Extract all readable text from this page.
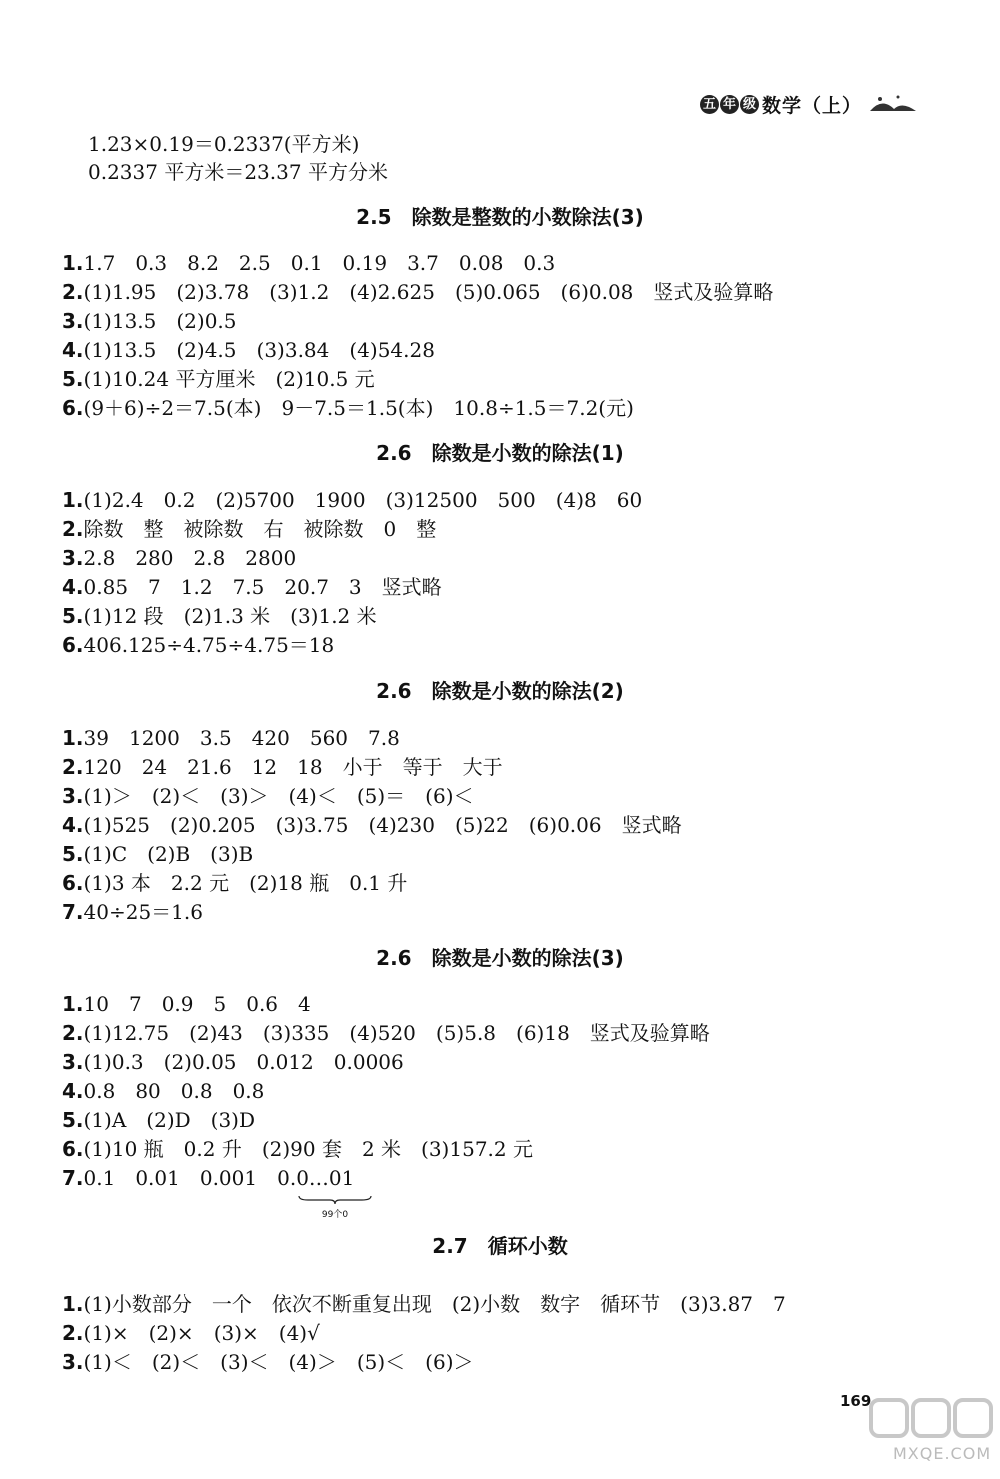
五 年 级 数学（上）
1.23×0.19＝0.2337(平方米)
0.2337 平方米＝23.37 平方分米
2.5　除数是整数的小数除法(3)
1.1.7　0.3　8.2　2.5　0.1　0.19　3.7　0.08　0.3
2.(1)1.95　(2)3.78　(3)1.2　(4)2.625　(5)0.065　(6)0.08　竖式及验算略
3.(1)13.5　(2)0.5
4.(1)13.5　(2)4.5　(3)3.84　(4)54.28
5.(1)10.24 平方厘米　(2)10.5 元
6.(9＋6)÷2＝7.5(本)　9－7.5＝1.5(本)　10.8÷1.5＝7.2(元)
2.6　除数是小数的除法(1)
1.(1)2.4　0.2　(2)5700　1900　(3)12500　500　(4)8　60
2.除数　整　被除数　右　被除数　0　整
3.2.8　280　2.8　2800
4.0.85　7　1.2　7.5　20.7　3　竖式略
5.(1)12 段　(2)1.3 米　(3)1.2 米
6.406.125÷4.75÷4.75＝18
2.6　除数是小数的除法(2)
1.39　1200　3.5　420　560　7.8
2.120　24　21.6　12　18　小于　等于　大于
3.(1)＞　(2)＜　(3)＞　(4)＜　(5)＝　(6)＜
4.(1)525　(2)0.205　(3)3.75　(4)230　(5)22　(6)0.06　竖式略
5.(1)C　(2)B　(3)B
6.(1)3 本　2.2 元　(2)18 瓶　0.1 升
7.40÷25＝1.6
2.6　除数是小数的除法(3)
1.10　7　0.9　5　0.6　4
2.(1)12.75　(2)43　(3)335　(4)520　(5)5.8　(6)18　竖式及验算略
3.(1)0.3　(2)0.05　0.012　0.0006
4.0.8　80　0.8　0.8
5.(1)A　(2)D　(3)D
6.(1)10 瓶　0.2 升　(2)90 套　2 米　(3)157.2 元
7.0.1　0.01　0.001　0.0…01
99个0
2.7　循环小数
1.(1)小数部分　一个　依次不断重复出现　(2)小数　数字　循环节　(3)3.87　7
2.(1)×　(2)×　(3)×　(4)√
3.(1)＜　(2)＜　(3)＜　(4)＞　(5)＜　(6)＞
169
MXQE.COM
